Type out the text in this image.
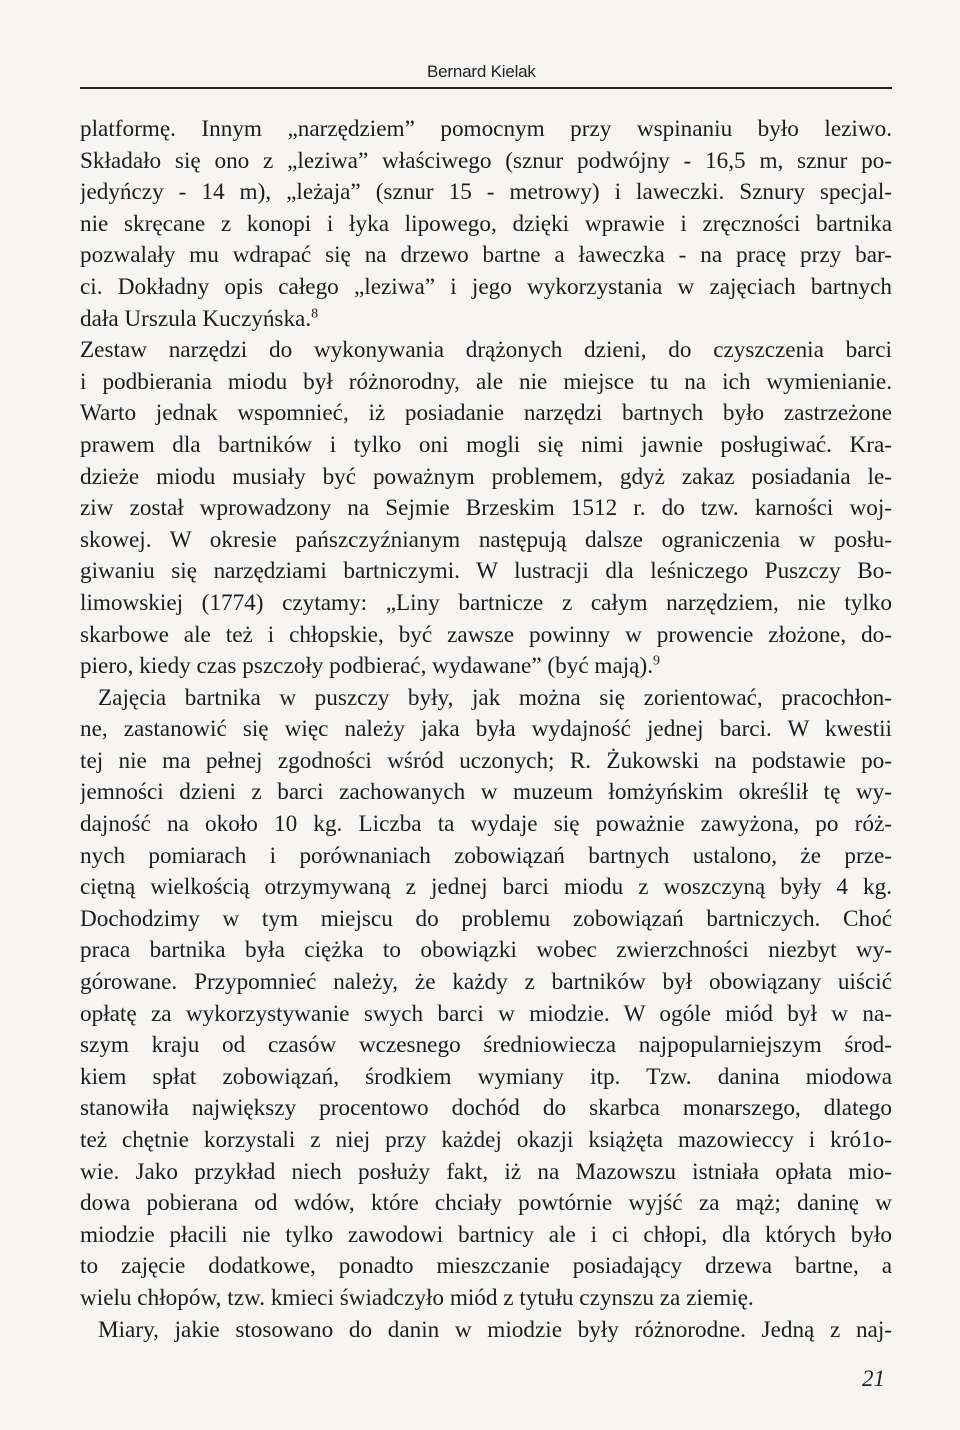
Bernard Kielak
platformę. Innym „narzędziem” pomocnym przy wspinaniu było leziwo.
Składało się ono z „leziwa” właściwego (sznur podwójny - 16,5 m, sznur po-
jedyńczy - 14 m), „leżaja” (sznur 15 - metrowy) i laweczki. Sznury specjal-
nie skręcane z konopi i łyka lipowego, dzięki wprawie i zręczności bartnika
pozwalały mu wdrapać się na drzewo bartne a ławeczka - na pracę przy bar-
ci. Dokładny opis całego „leziwa” i jego wykorzystania w zajęciach bartnych
dała Urszula Kuczyńska.$^8$
Zestaw narzędzi do wykonywania drążonych dzieni, do czyszczenia barci
i podbierania miodu był różnorodny, ale nie miejsce tu na ich wymienianie.
Warto jednak wspomnieć, iż posiadanie narzędzi bartnych było zastrzeżone
prawem dla bartników i tylko oni mogli się nimi jawnie posługiwać. Kra-
dzieże miodu musiały być poważnym problemem, gdyż zakaz posiadania le-
ziw został wprowadzony na Sejmie Brzeskim 1512 r. do tzw. karności woj-
skowej. W okresie pańszczyźnianym następują dalsze ograniczenia w posłu-
giwaniu się narzędziami bartniczymi. W lustracji dla leśniczego Puszczy Bo-
limowskiej (1774) czytamy: „Liny bartnicze z całym narzędziem, nie tylko
skarbowe ale też i chłopskie, być zawsze powinny w prowencie złożone, do-
piero, kiedy czas pszczoły podbierać, wydawane” (być mają).$^9$
Zajęcia bartnika w puszczy były, jak można się zorientować, pracochłon-
ne, zastanowić się więc należy jaka była wydajność jednej barci. W kwestii
tej nie ma pełnej zgodności wśród uczonych; R. Żukowski na podstawie po-
jemności dzieni z barci zachowanych w muzeum łomżyńskim określił tę wy-
dajność na około 10 kg. Liczba ta wydaje się poważnie zawyżona, po róż-
nych pomiarach i porównaniach zobowiązań bartnych ustalono, że prze-
ciętną wielkością otrzymywaną z jednej barci miodu z woszczyną były 4 kg.
Dochodzimy w tym miejscu do problemu zobowiązań bartniczych. Choć
praca bartnika była ciężka to obowiązki wobec zwierzchności niezbyt wy-
górowane. Przypomnieć należy, że każdy z bartników był obowiązany uiścić
opłatę za wykorzystywanie swych barci w miodzie. W ogóle miód był w na-
szym kraju od czasów wczesnego średniowiecza najpopularniejszym środ-
kiem spłat zobowiązań, środkiem wymiany itp. Tzw. danina miodowa
stanowiła największy procentowo dochód do skarbca monarszego, dlatego
też chętnie korzystali z niej przy każdej okazji książęta mazowieccy i kró1o-
wie. Jako przykład niech posłuży fakt, iż na Mazowszu istniała opłata mio-
dowa pobierana od wdów, które chciały powtórnie wyjść za mąż; daninę w
miodzie płacili nie tylko zawodowi bartnicy ale i ci chłopi, dla których było
to zajęcie dodatkowe, ponadto mieszczanie posiadający drzewa bartne, a
wielu chłopów, tzw. kmieci świadczyło miód z tytułu czynszu za ziemię.
Miary, jakie stosowano do danin w miodzie były różnorodne. Jedną z naj-
21
